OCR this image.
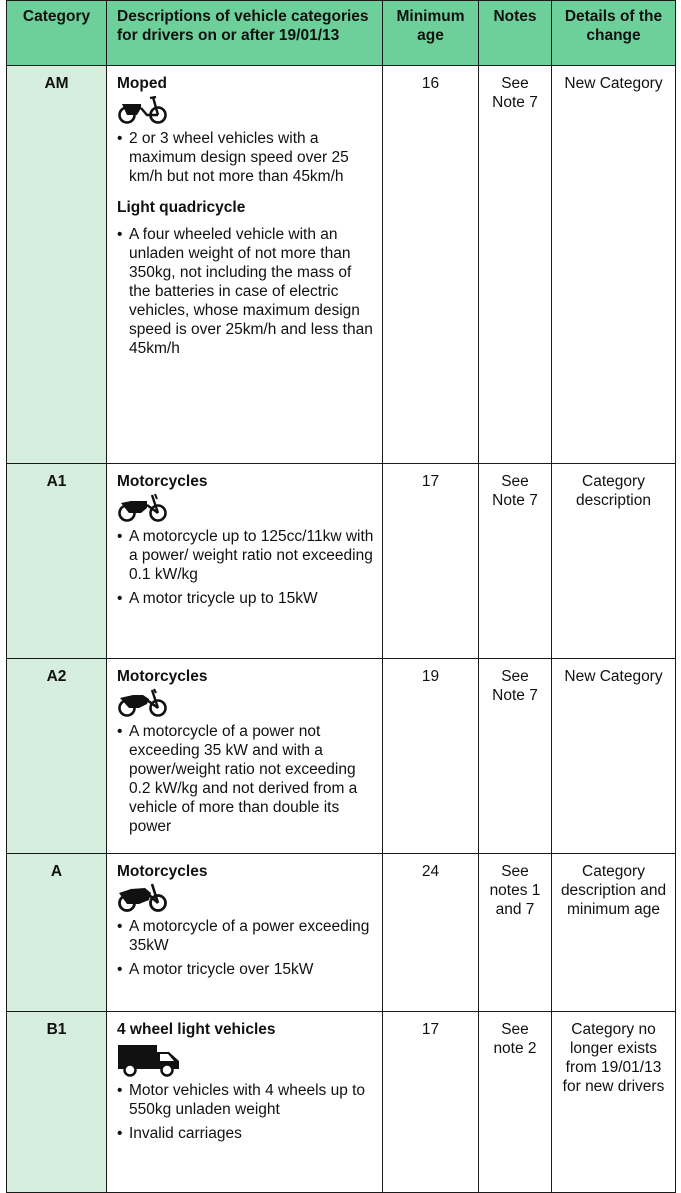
Category	Descriptions of vehicle categories for drivers on or after 19/01/13	Minimum age	Notes	Details of the change
AM	Moped
• 2 or 3 wheel vehicles with a maximum design speed over 25 km/h but not more than 45km/h
Light quadricycle
• A four wheeled vehicle with an unladen weight of not more than 350kg, not including the mass of the batteries in case of electric vehicles, whose maximum design speed is over 25km/h and less than 45km/h	16	See Note 7	New Category
A1	Motorcycles
• A motorcycle up to 125cc/11kw with a power/ weight ratio not exceeding 0.1 kW/kg
• A motor tricycle up to 15kW	17	See Note 7	Category description
A2	Motorcycles
• A motorcycle of a power not exceeding 35 kW and with a power/weight ratio not exceeding 0.2 kW/kg and not derived from a vehicle of more than double its power	19	See Note 7	New Category
A	Motorcycles
• A motorcycle of a power exceeding 35kW
• A motor tricycle over 15kW	24	See notes 1 and 7	Category description and minimum age
B1	4 wheel light vehicles
• Motor vehicles with 4 wheels up to 550kg unladen weight
• Invalid carriages	17	See note 2	Category no longer exists from 19/01/13 for new drivers
